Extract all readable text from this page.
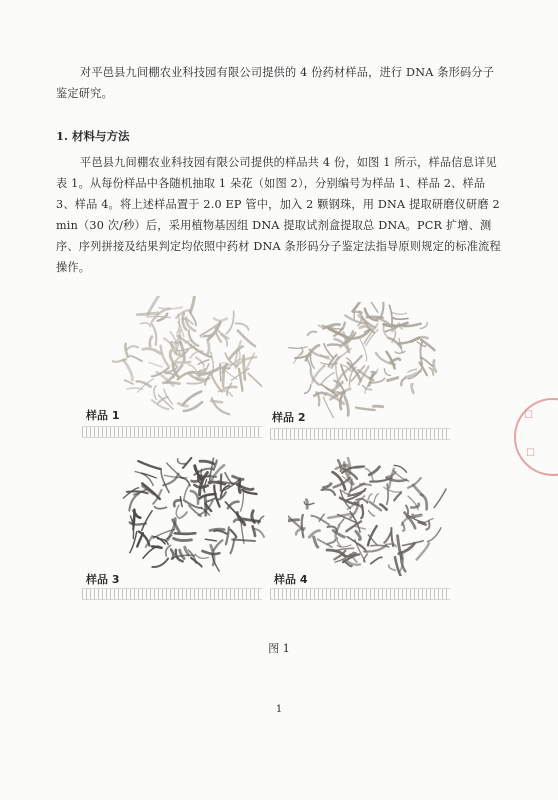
对平邑县九间棚农业科技园有限公司提供的 4 份药材样品，进行 DNA 条形码分子鉴定研究。

1. 材料与方法

平邑县九间棚农业科技园有限公司提供的样品共 4 份，如图 1 所示，样品信息详见表 1。从每份样品中各随机抽取 1 朵花（如图 2），分别编号为样品 1、样品 2、样品 3、样品 4。将上述样品置于 2.0 EP 管中，加入 2 颗钢珠，用 DNA 提取研磨仪研磨 2 min（30 次/秒）后，采用植物基因组 DNA 提取试剂盒提取总 DNA。PCR 扩增、测序、序列拼接及结果判定均依照中药材 DNA 条形码分子鉴定法指导原则规定的标准流程操作。

样品 1	样品 2
样品 3	样品 4
图 1
1
☐
☐
